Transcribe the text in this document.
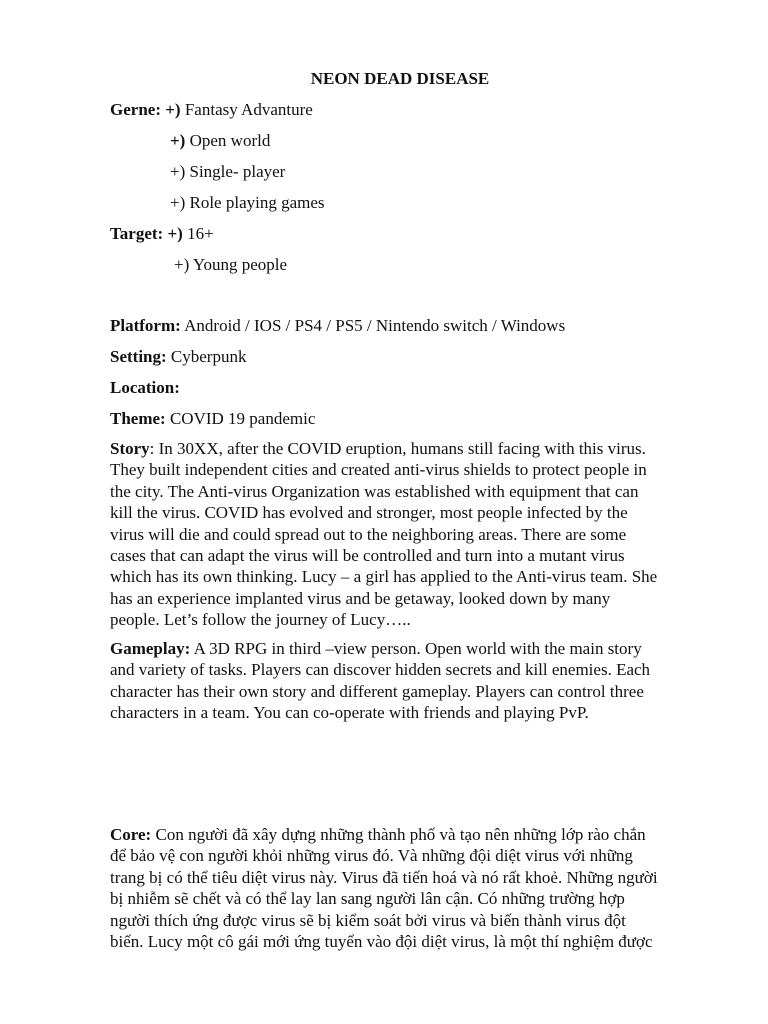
NEON DEAD DISEASE
Gerne: +) Fantasy Advanture
+) Open world
+) Single- player
+) Role playing games
Target: +) 16+
+) Young people
Platform: Android / IOS / PS4 / PS5 / Nintendo switch / Windows
Setting: Cyberpunk
Location:
Theme: COVID 19 pandemic
Story: In 30XX, after the COVID eruption, humans still facing with this virus.
They built independent cities and created anti-virus shields to protect people in
the city. The Anti-virus Organization was established with equipment that can
kill the virus. COVID has evolved and stronger, most people infected by the
virus will die and could spread out to the neighboring areas. There are some
cases that can adapt the virus will be controlled and turn into a mutant virus
which has its own thinking. Lucy – a girl has applied to the Anti-virus team. She
has an experience implanted virus and be getaway, looked down by many
people. Let’s follow the journey of Lucy…..
Gameplay: A 3D RPG in third –view person. Open world with the main story
and variety of tasks. Players can discover hidden secrets and kill enemies. Each
character has their own story and different gameplay. Players can control three
characters in a team. You can co-operate with friends and playing PvP.
Core: Con người đã xây dựng những thành phố và tạo nên những lớp rào chắn
để bảo vệ con người khỏi những virus đó. Và những đội diệt virus với những
trang bị có thể tiêu diệt virus này. Virus đã tiến hoá và nó rất khoẻ. Những người
bị nhiễm sẽ chết và có thể lay lan sang người lân cận. Có những trường hợp
người thích ứng được virus sẽ bị kiểm soát bởi virus và biến thành virus đột
biến. Lucy một cô gái mới ứng tuyển vào đội diệt virus, là một thí nghiệm được
